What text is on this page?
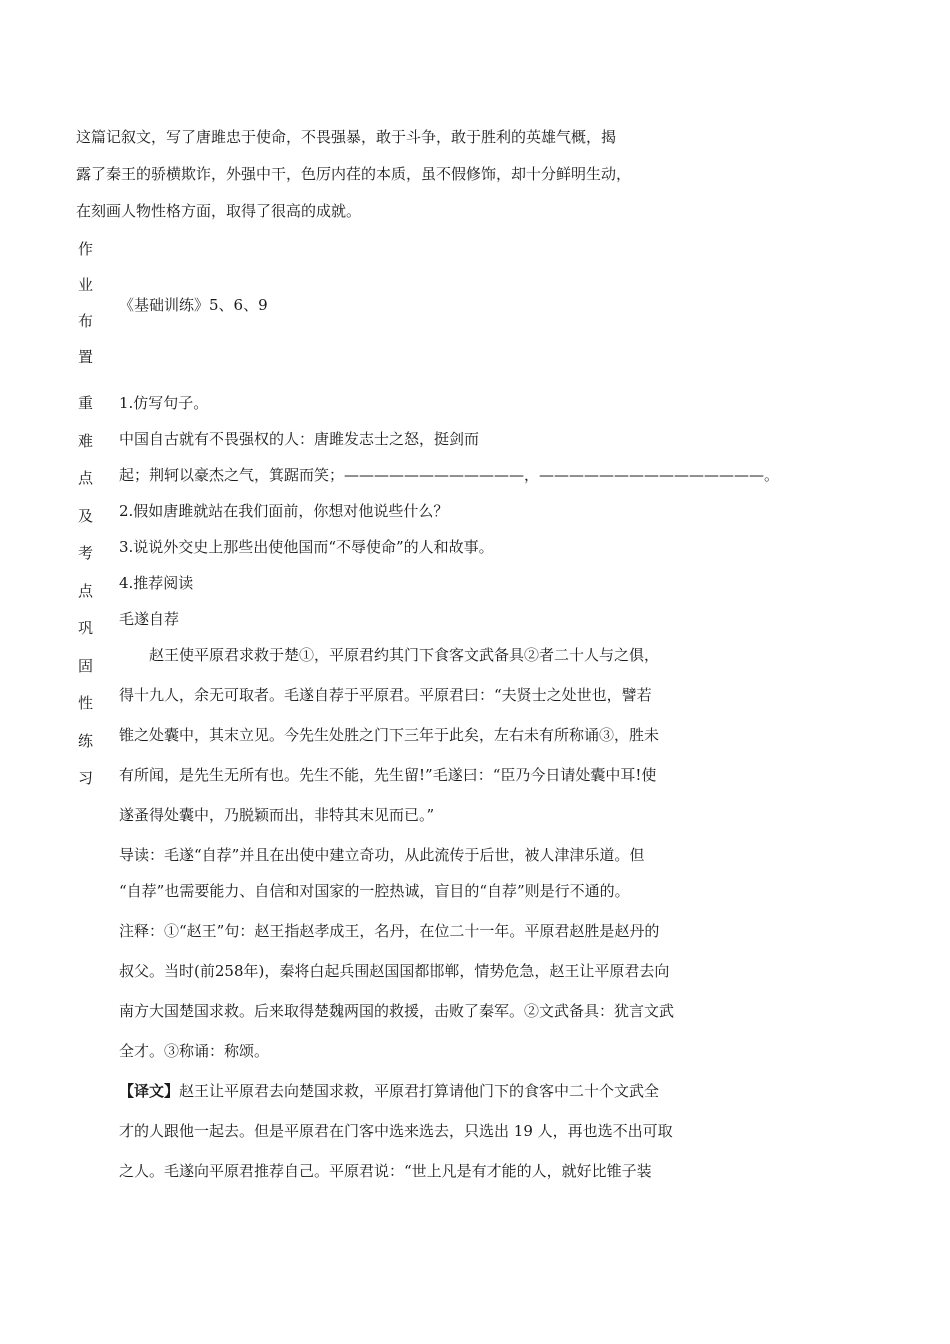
这篇记叙文，写了唐雎忠于使命，不畏强暴，敢于斗争，敢于胜利的英雄气概，揭

露了秦王的骄横欺诈，外强中干，色厉内荏的本质，虽不假修饰，却十分鲜明生动，

在刻画人物性格方面，取得了很高的成就。

作
业
布
置
《基础训练》5、6、9
重
难
点
及
考
点
巩
固
性
练
习
1.仿写句子。
中国自古就有不畏强权的人：唐雎发志士之怒，挺剑而
起；荆轲以豪杰之气，箕踞而笑；————————————，———————————————。
2.假如唐雎就站在我们面前，你想对他说些什么？
3.说说外交史上那些出使他国而“不辱使命”的人和故事。
4.推荐阅读
毛遂自荐
赵王使平原君求救于楚①，平原君约其门下食客文武备具②者二十人与之俱，
得十九人，余无可取者。毛遂自荐于平原君。平原君曰：“夫贤士之处世也，譬若
锥之处囊中，其末立见。今先生处胜之门下三年于此矣，左右未有所称诵③，胜未
有所闻，是先生无所有也。先生不能，先生留!”毛遂曰：“臣乃今日请处囊中耳!使
遂蚤得处囊中，乃脱颖而出，非特其末见而已。”
导读：毛遂“自荐”并且在出使中建立奇功，从此流传于后世，被人津津乐道。但
“自荐”也需要能力、自信和对国家的一腔热诚，盲目的“自荐”则是行不通的。
注释：①“赵王”句：赵王指赵孝成王，名丹，在位二十一年。平原君赵胜是赵丹的
叔父。当时(前258年)，秦将白起兵围赵国国都邯郸，情势危急，赵王让平原君去向
南方大国楚国求救。后来取得楚魏两国的救援，击败了秦军。②文武备具：犹言文武
全才。③称诵：称颂。
【译文】赵王让平原君去向楚国求救，平原君打算请他门下的食客中二十个文武全
才的人跟他一起去。但是平原君在门客中选来选去，只选出 19 人，再也选不出可取
之人。毛遂向平原君推荐自己。平原君说：“世上凡是有才能的人，就好比锥子装
